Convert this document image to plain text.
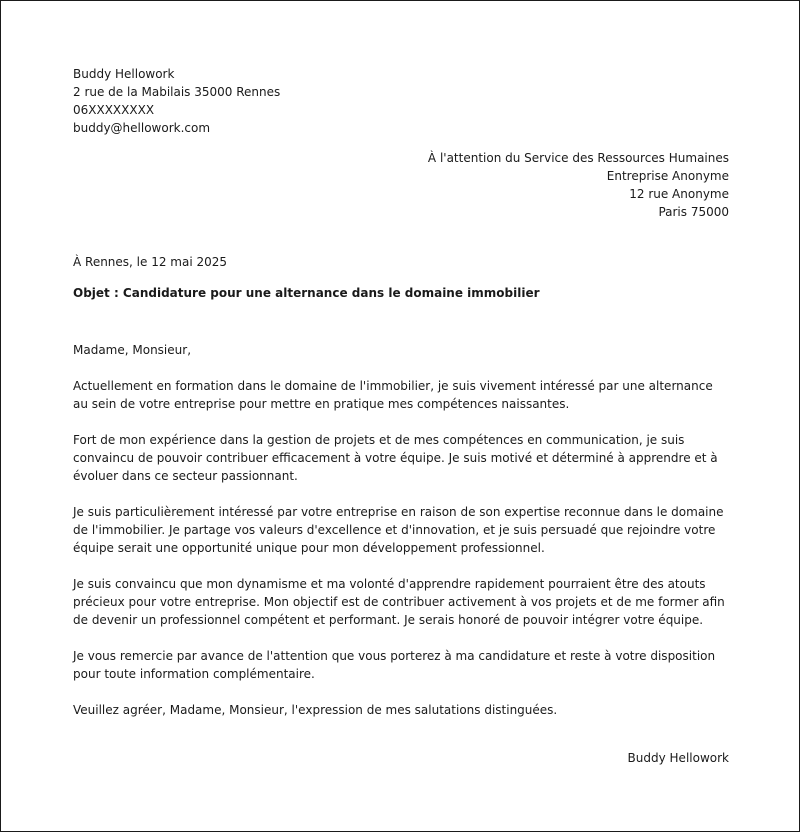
Buddy Hellowork
2 rue de la Mabilais 35000 Rennes
06XXXXXXXX
buddy@hellowork.com
À l'attention du Service des Ressources Humaines
Entreprise Anonyme
12 rue Anonyme
Paris 75000
À Rennes, le 12 mai 2025
Objet : Candidature pour une alternance dans le domaine immobilier

Madame, Monsieur,

Actuellement en formation dans le domaine de l'immobilier, je suis vivement intéressé par une alternance au sein de votre entreprise pour mettre en pratique mes compétences naissantes.

Fort de mon expérience dans la gestion de projets et de mes compétences en communication, je suis convaincu de pouvoir contribuer efficacement à votre équipe. Je suis motivé et déterminé à apprendre et à évoluer dans ce secteur passionnant.

Je suis particulièrement intéressé par votre entreprise en raison de son expertise reconnue dans le domaine de l'immobilier. Je partage vos valeurs d'excellence et d'innovation, et je suis persuadé que rejoindre votre équipe serait une opportunité unique pour mon développement professionnel.

Je suis convaincu que mon dynamisme et ma volonté d'apprendre rapidement pourraient être des atouts précieux pour votre entreprise. Mon objectif est de contribuer activement à vos projets et de me former afin de devenir un professionnel compétent et performant. Je serais honoré de pouvoir intégrer votre équipe.

Je vous remercie par avance de l'attention que vous porterez à ma candidature et reste à votre disposition pour toute information complémentaire.

Veuillez agréer, Madame, Monsieur, l'expression de mes salutations distinguées.

Buddy Hellowork
